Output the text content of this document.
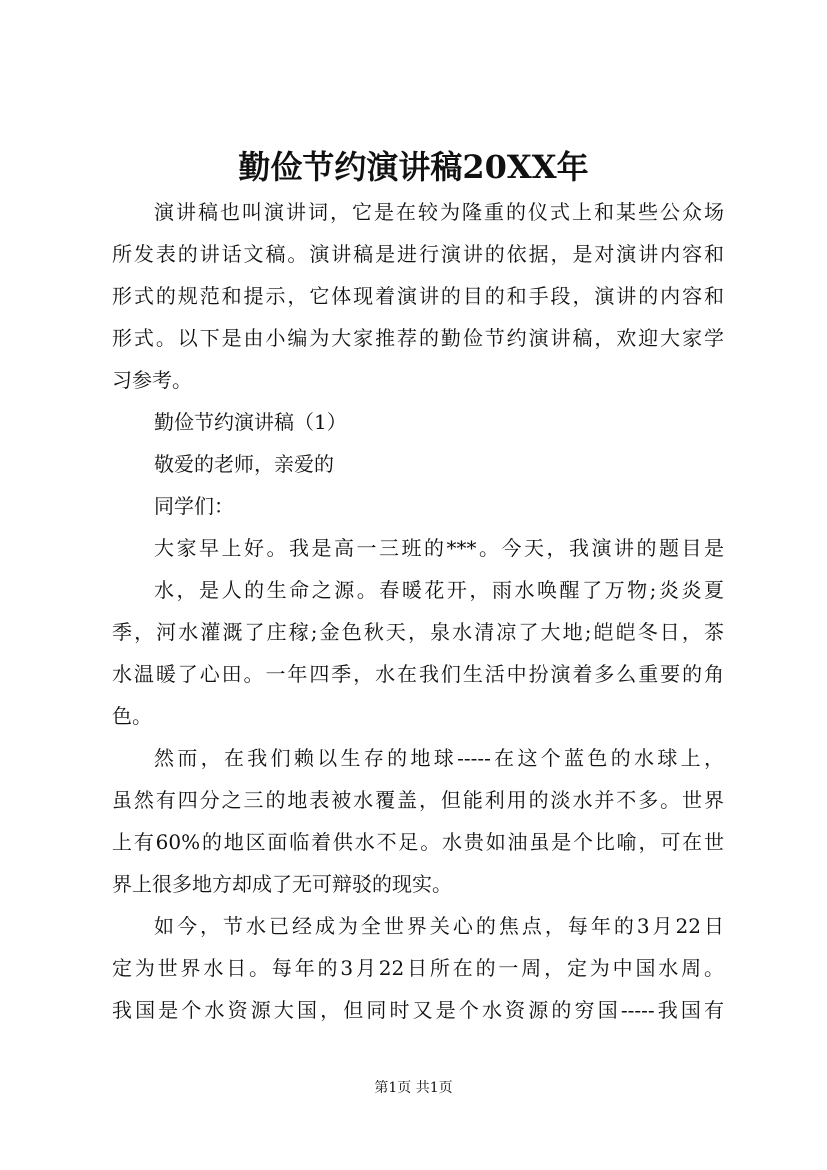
勤俭节约演讲稿20XX年
演讲稿也叫演讲词，它是在较为隆重的仪式上和某些公众场
所发表的讲话文稿。演讲稿是进行演讲的依据，是对演讲内容和
形式的规范和提示，它体现着演讲的目的和手段，演讲的内容和
形式。以下是由小编为大家推荐的勤俭节约演讲稿，欢迎大家学
习参考。
勤俭节约演讲稿（1）
敬爱的老师，亲爱的
同学们：
大家早上好。我是高一三班的***。今天，我演讲的题目是
水，是人的生命之源。春暖花开，雨水唤醒了万物;炎炎夏
季，河水灌溉了庄稼;金色秋天，泉水清凉了大地;皑皑冬日，茶
水温暖了心田。一年四季，水在我们生活中扮演着多么重要的角
色。
然而，在我们赖以生存的地球-----在这个蓝色的水球上，
虽然有四分之三的地表被水覆盖，但能利用的淡水并不多。世界
上有60%的地区面临着供水不足。水贵如油虽是个比喻，可在世
界上很多地方却成了无可辩驳的现实。
如今，节水已经成为全世界关心的焦点，每年的3月22日
定为世界水日。每年的3月22日所在的一周，定为中国水周。
我国是个水资源大国，但同时又是个水资源的穷国-----我国有
第1页 共1页
